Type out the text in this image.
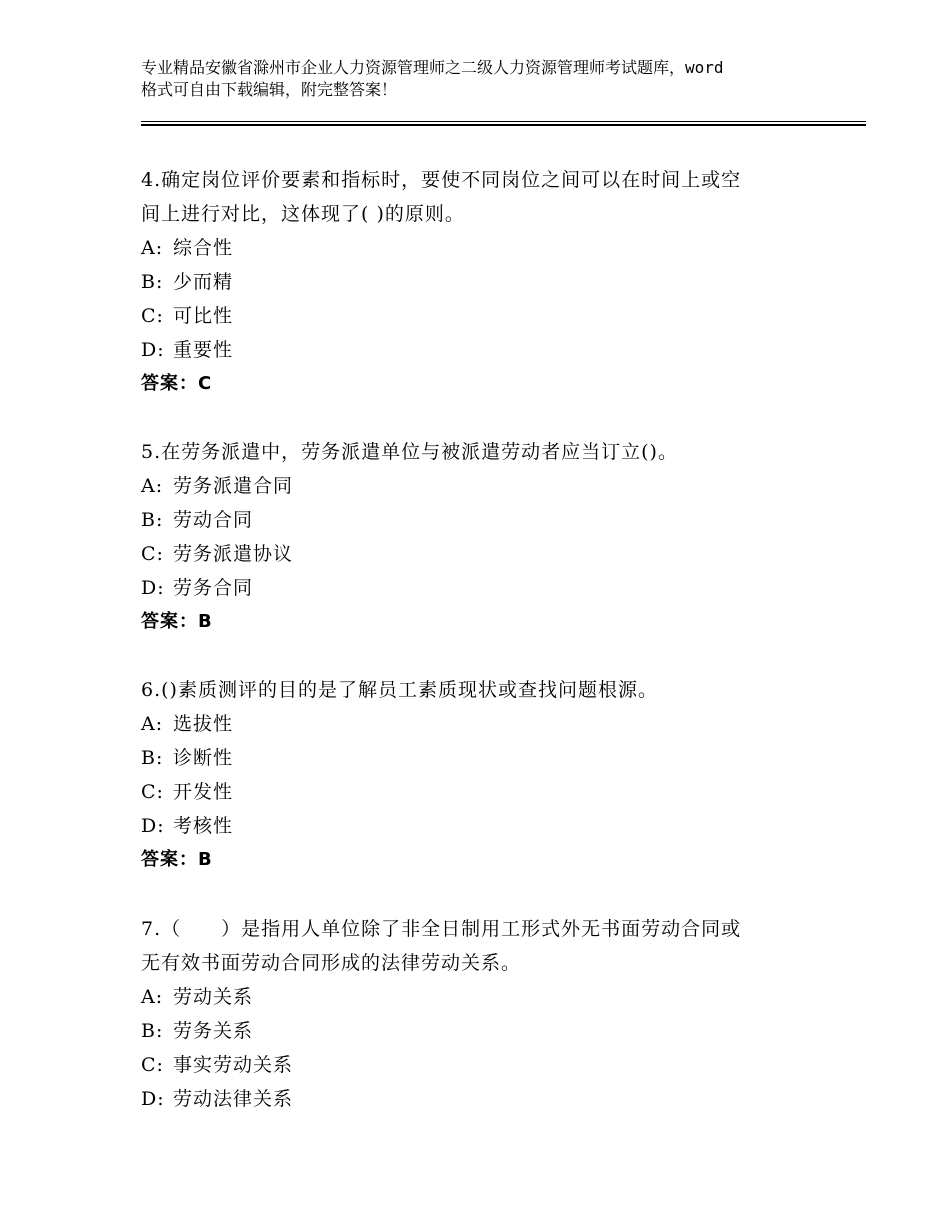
专业精品安徽省滁州市企业人力资源管理师之二级人力资源管理师考试题库，word
格式可自由下载编辑，附完整答案！
4.确定岗位评价要素和指标时，要使不同岗位之间可以在时间上或空
间上进行对比，这体现了( )的原则。
A: 综合性
B: 少而精
C: 可比性
D: 重要性
答案：C
5.在劳务派遣中，劳务派遣单位与被派遣劳动者应当订立()。
A: 劳务派遣合同
B: 劳动合同
C: 劳务派遣协议
D: 劳务合同
答案：B
6.()素质测评的目的是了解员工素质现状或查找问题根源。
A: 选拔性
B: 诊断性
C: 开发性
D: 考核性
答案：B
7.（　　）是指用人单位除了非全日制用工形式外无书面劳动合同或
无有效书面劳动合同形成的法律劳动关系。
A: 劳动关系
B: 劳务关系
C: 事实劳动关系
D: 劳动法律关系
